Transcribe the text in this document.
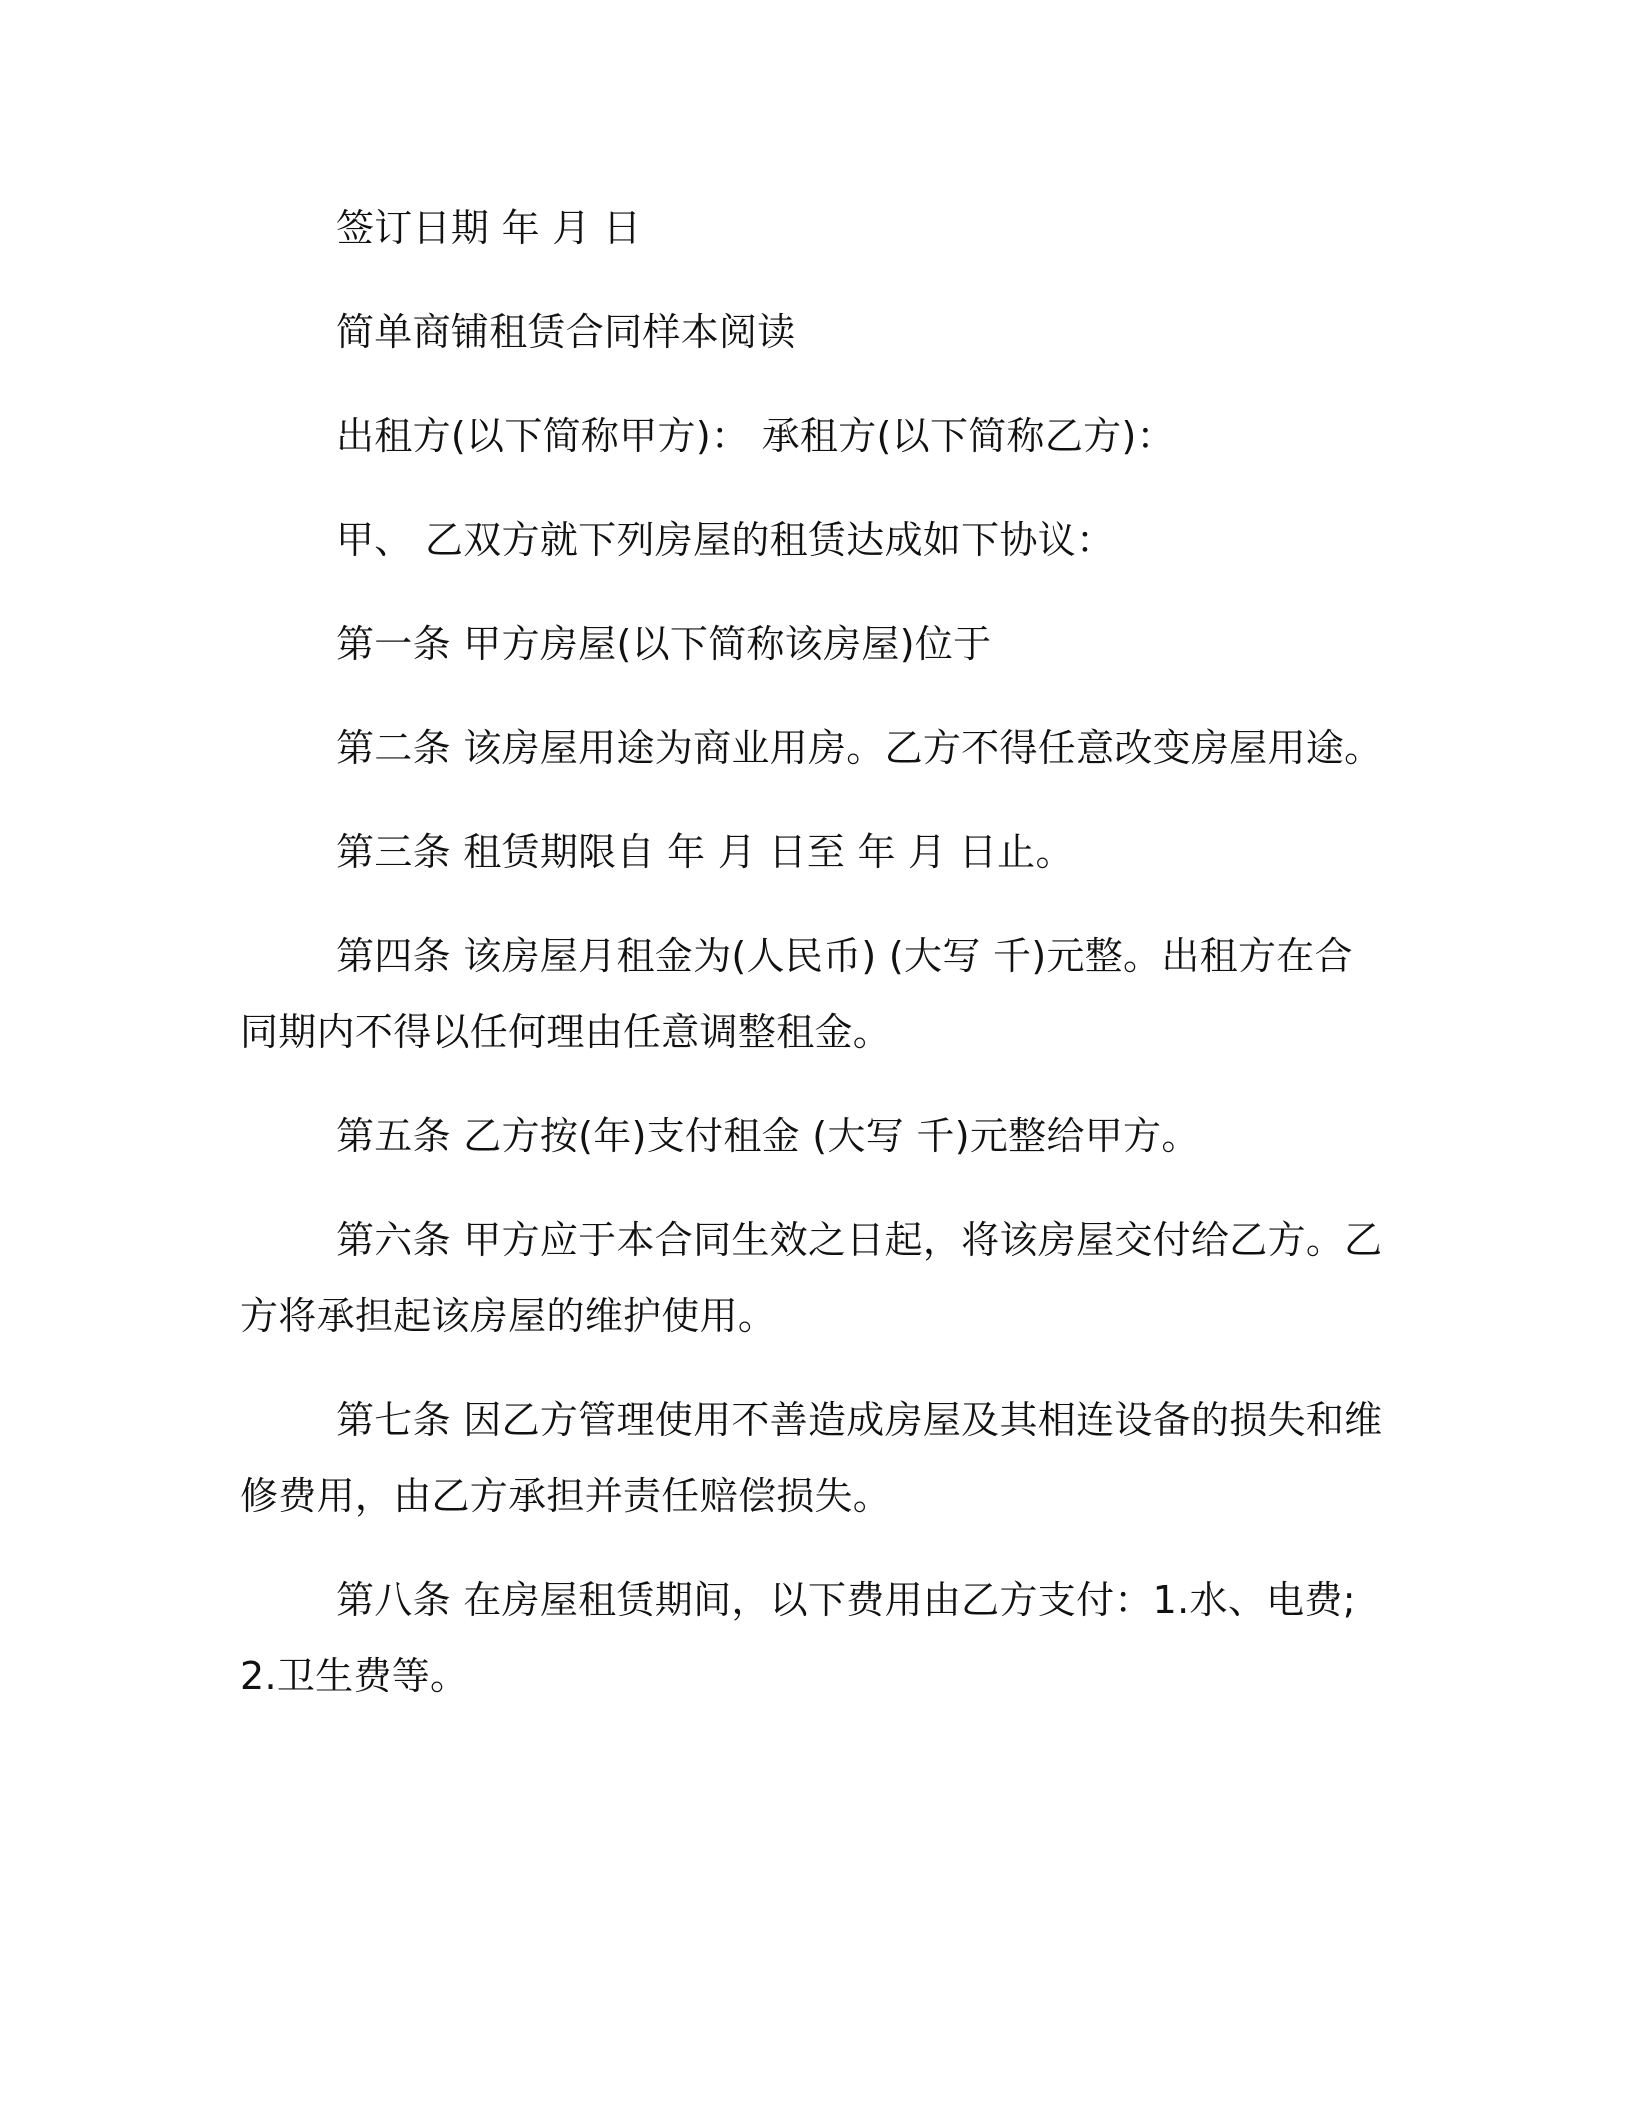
签订日期 年 月 日

简单商铺租赁合同样本阅读

出租方(以下简称甲方)： 承租方(以下简称乙方)：

甲、 乙双方就下列房屋的租赁达成如下协议：

第一条 甲方房屋(以下简称该房屋)位于

第二条 该房屋用途为商业用房。乙方不得任意改变房屋用途。

第三条 租赁期限自 年 月 日至 年 月 日止。

第四条 该房屋月租金为(人民币) (大写 千)元整。出租方在合同期内不得以任何理由任意调整租金。

第五条 乙方按(年)支付租金 (大写 千)元整给甲方。

第六条 甲方应于本合同生效之日起，将该房屋交付给乙方。乙方将承担起该房屋的维护使用。

第七条 因乙方管理使用不善造成房屋及其相连设备的损失和维修费用，由乙方承担并责任赔偿损失。

第八条 在房屋租赁期间，以下费用由乙方支付：1.水、电费;2.卫生费等。
